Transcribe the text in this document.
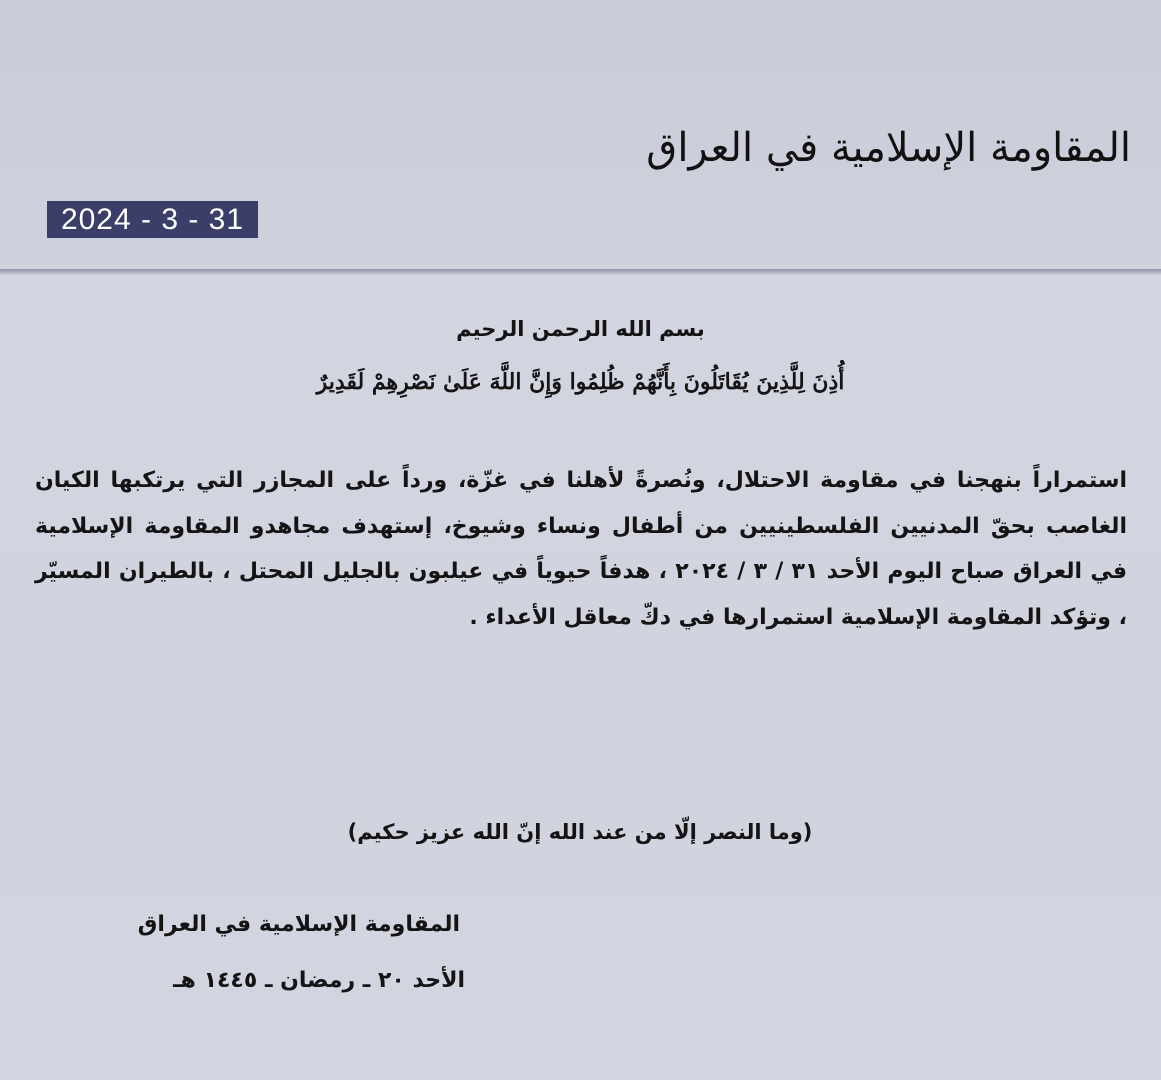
المقاومة الإسلامية في العراق
2024 - 3 - 31
بسم الله الرحمن الرحيم
أُذِنَ لِلَّذِينَ يُقَاتَلُونَ بِأَنَّهُمْ ظُلِمُوا وَإِنَّ اللَّهَ عَلَىٰ نَصْرِهِمْ لَقَدِيرٌ

استمراراً بنهجنا في مقاومة الاحتلال، ونُصرةً لأهلنا في غزّة، ورداً على المجازر التي يرتكبها الكيان الغاصب بحقّ المدنيين الفلسطينيين من أطفال ونساء وشيوخ، إستهدف مجاهدو المقاومة الإسلامية في العراق صباح اليوم الأحد ٣١ / ٣ / ٢٠٢٤ ، هدفاً حيوياً في عيلبون بالجليل المحتل ، بالطيران المسيّر ، وتؤكد المقاومة الإسلامية استمرارها في دكّ معاقل الأعداء .

(وما النصر إلّا من عند الله إنّ الله عزيز حكيم)
المقاومة الإسلامية في العراق
الأحد ٢٠ ـ رمضان ـ ١٤٤٥ هـ
